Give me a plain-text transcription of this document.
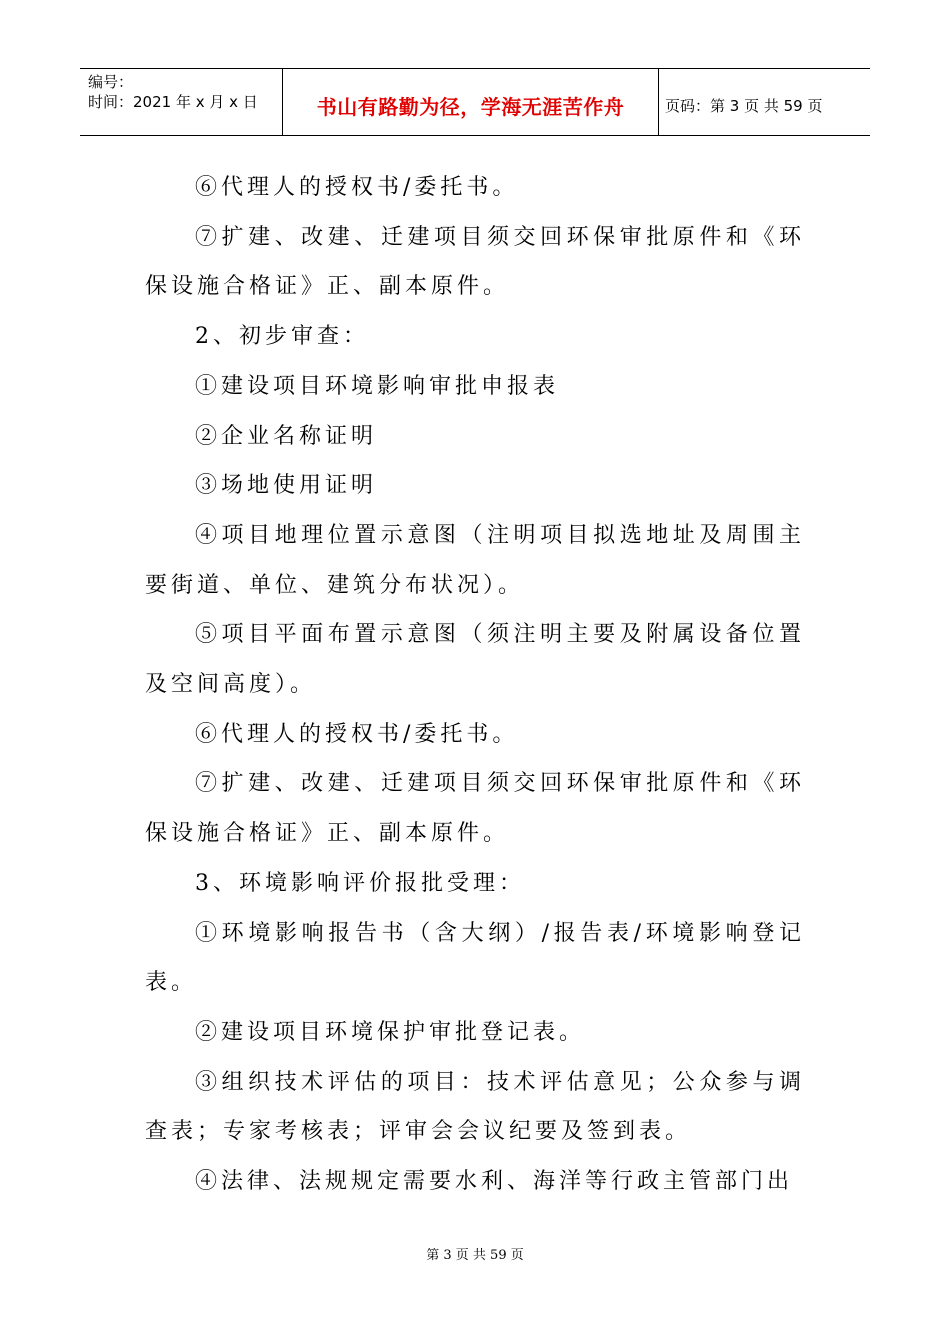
编号：
时间：2021 年 x 月 x 日	书山有路勤为径，学海无涯苦作舟	页码：第 3 页 共 59 页

⑥代理人的授权书/委托书。

⑦扩建、改建、迁建项目须交回环保审批原件和《环保设施合格证》正、副本原件。

2、初步审查：

①建设项目环境影响审批申报表

②企业名称证明

③场地使用证明

④项目地理位置示意图（注明项目拟选地址及周围主要街道、单位、建筑分布状况）。

⑤项目平面布置示意图（须注明主要及附属设备位置及空间高度）。

⑥代理人的授权书/委托书。

⑦扩建、改建、迁建项目须交回环保审批原件和《环保设施合格证》正、副本原件。

3、环境影响评价报批受理：

①环境影响报告书（含大纲）/报告表/环境影响登记表。

②建设项目环境保护审批登记表。

③组织技术评估的项目：技术评估意见；公众参与调查表；专家考核表；评审会会议纪要及签到表。

④法律、法规规定需要水利、海洋等行政主管部门出

第 3 页 共 59 页
